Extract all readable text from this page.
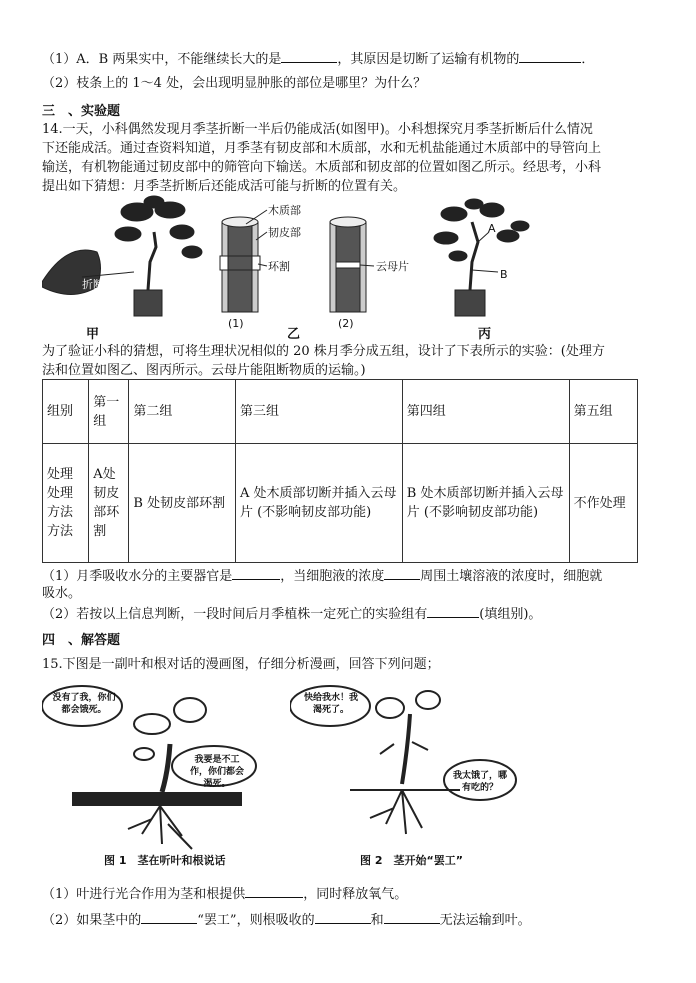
（1）A．B 两果实中，不能继续长大的是	，其原因是切断了运输有机物的	．
（2）枝条上的 1～4 处，会出现明显肿胀的部位是哪里？为什么？
三　、实验题
14.一天，小科偶然发现月季茎折断一半后仍能成活(如图甲)。小科想探究月季茎折断后什么情况
下还能成活。通过查资料知道，月季茎有韧皮部和木质部，水和无机盐能通过木质部中的导管向上
输送，有机物能通过韧皮部中的筛管向下输送。木质部和韧皮部的位置如图乙所示。经思考，小科
提出如下猜想：月季茎折断后还能成活可能与折断的位置有关。
折断处
木质部
韧皮部
环割	云母片
(1)	(2)
A
B
甲	乙	丙
为了验证小科的猜想，可将生理状况相似的 20 株月季分成五组，设计了下表所示的实验：(处理方
法和位置如图乙、图丙所示。云母片能阻断物质的运输。)
组别	第一组	第二组	第三组	第四组	第五组
处理处理方法方法	A处韧皮部环割	B 处韧皮部环割	A 处木质部切断并插入云母片 (不影响韧皮部功能)	B 处木质部切断并插入云母片 (不影响韧皮部功能)	不作处理
（1）月季吸收水分的主要器官是	，当细胞液的浓度	周围土壤溶液的浓度时，细胞就
吸水。
（2）若按以上信息判断，一段时间后月季植株一定死亡的实验组有	(填组别)。
四　、解答题
15.下图是一副叶和根对话的漫画图，仔细分析漫画，回答下列问题；
没有了我，你们都会饿死。
我要是不工作，你们都会渴死。
图 1　茎在听叶和根说话
快给我水！我渴死了。
我太饿了，哪有吃的？
图 2　茎开始“罢工”
（1）叶进行光合作用为茎和根提供	，同时释放氧气。
（2）如果茎中的	“罢工”，则根吸收的	和	无法运输到叶。
